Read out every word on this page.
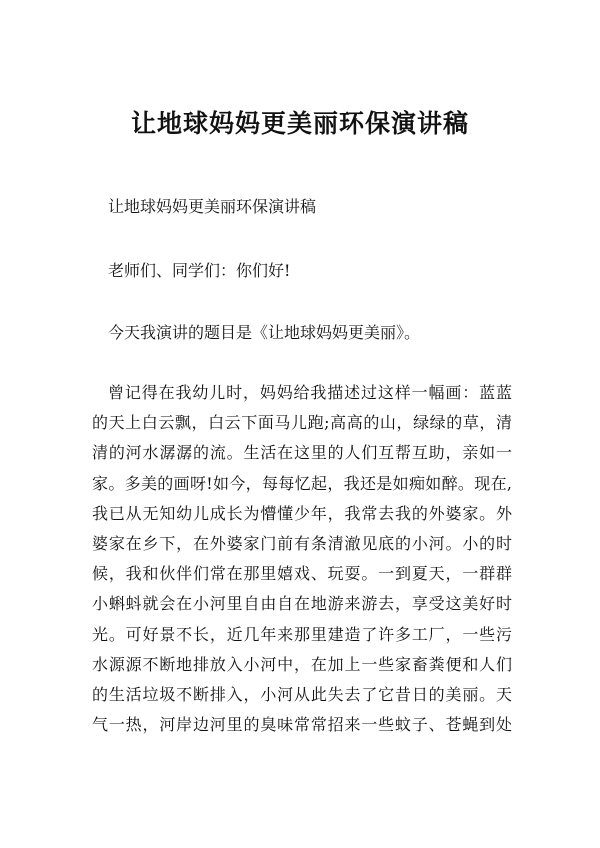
让地球妈妈更美丽环保演讲稿

让地球妈妈更美丽环保演讲稿

老师们、同学们：你们好!

今天我演讲的题目是《让地球妈妈更美丽》。

曾记得在我幼儿时，妈妈给我描述过这样一幅画：蓝蓝
的天上白云飘，白云下面马儿跑;高高的山，绿绿的草，清
清的河水潺潺的流。生活在这里的人们互帮互助，亲如一
家。多美的画呀!如今，每每忆起，我还是如痴如醉。现在,
我已从无知幼儿成长为懵懂少年，我常去我的外婆家。外
婆家在乡下，在外婆家门前有条清澈见底的小河。小的时
候，我和伙伴们常在那里嬉戏、玩耍。一到夏天，一群群
小蝌蚪就会在小河里自由自在地游来游去，享受这美好时
光。可好景不长，近几年来那里建造了许多工厂，一些污
水源源不断地排放入小河中，在加上一些家畜粪便和人们
的生活垃圾不断排入，小河从此失去了它昔日的美丽。天
气一热，河岸边河里的臭味常常招来一些蚊子、苍蝇到处
